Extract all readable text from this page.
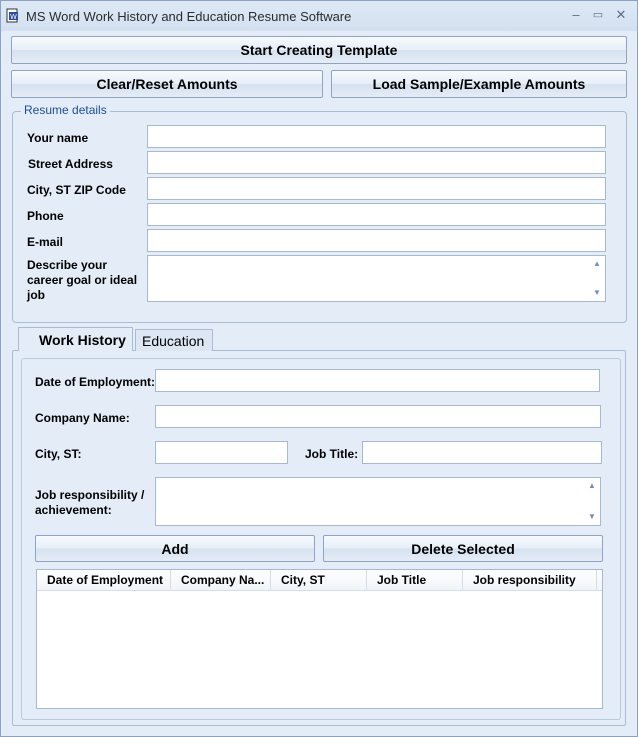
W MS Word Work History and Education Resume Software	–	▭ ✕
Start Creating Template
Clear/Reset Amounts	Load Sample/Example Amounts
Resume details
Your name
Street Address
City, ST ZIP Code
Phone
E-mail
Describe your career goal or ideal job
▲
▼
Work History	Education
Date of Employment:
Company Name:
City, ST:	Job Title:
Job responsibility / achievement:
▲
▼
Add	Delete Selected
Date of Employment	Company Na...	City, ST	Job Title	Job responsibility
